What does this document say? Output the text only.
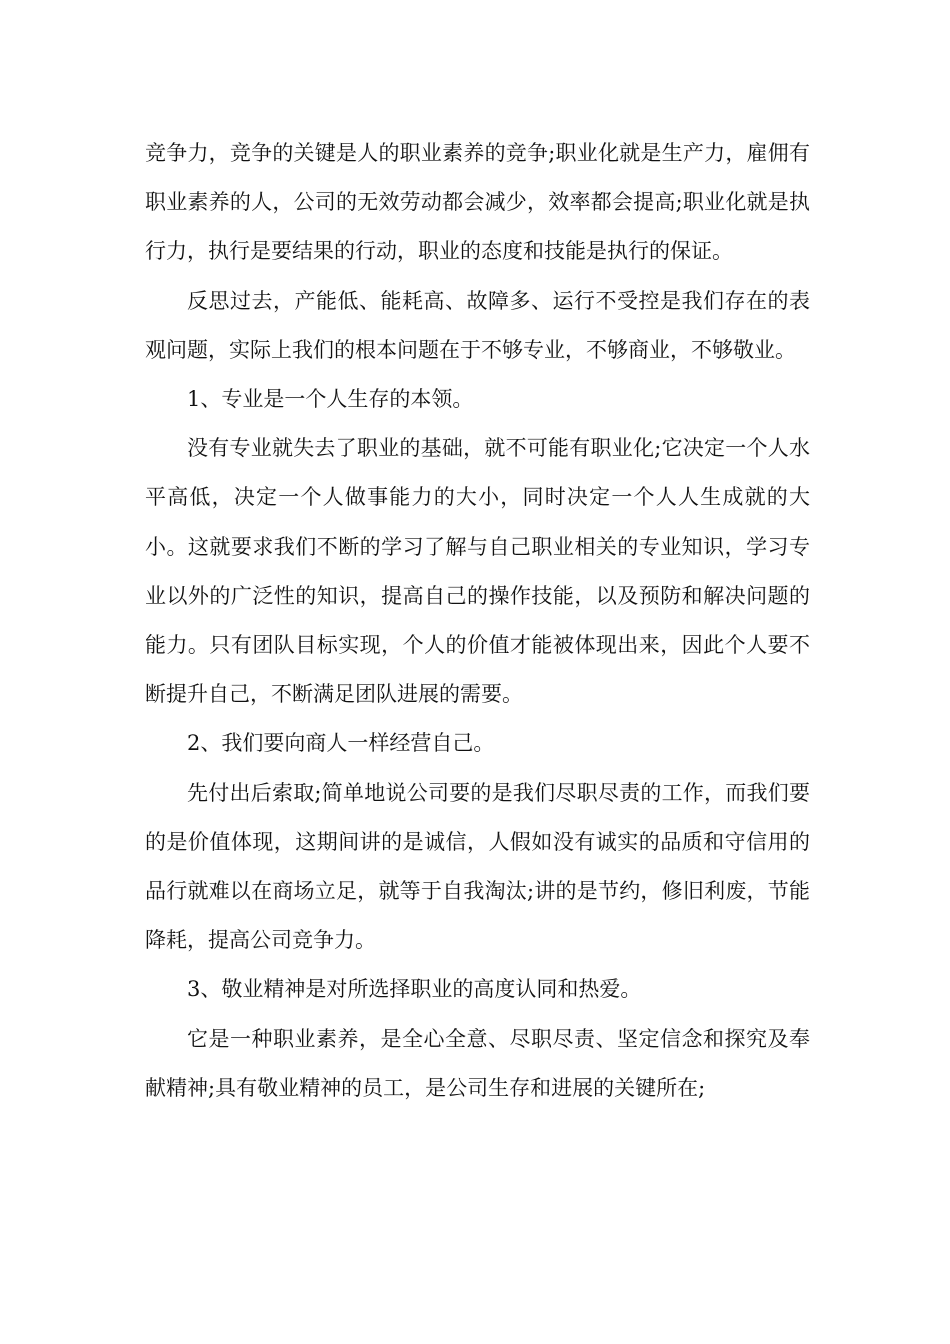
竞争力，竞争的关键是人的职业素养的竞争;职业化就是生产力，雇佣有职业素养的人，公司的无效劳动都会减少，效率都会提高;职业化就是执行力，执行是要结果的行动，职业的态度和技能是执行的保证。

反思过去，产能低、能耗高、故障多、运行不受控是我们存在的表观问题，实际上我们的根本问题在于不够专业，不够商业，不够敬业。

1、专业是一个人生存的本领。

没有专业就失去了职业的基础，就不可能有职业化;它决定一个人水平高低，决定一个人做事能力的大小，同时决定一个人人生成就的大小。这就要求我们不断的学习了解与自己职业相关的专业知识，学习专业以外的广泛性的知识，提高自己的操作技能，以及预防和解决问题的能力。只有团队目标实现，个人的价值才能被体现出来，因此个人要不断提升自己，不断满足团队进展的需要。

2、我们要向商人一样经营自己。

先付出后索取;简单地说公司要的是我们尽职尽责的工作，而我们要的是价值体现，这期间讲的是诚信，人假如没有诚实的品质和守信用的品行就难以在商场立足，就等于自我淘汰;讲的是节约，修旧利废，节能降耗，提高公司竞争力。

3、敬业精神是对所选择职业的高度认同和热爱。

它是一种职业素养，是全心全意、尽职尽责、坚定信念和探究及奉献精神;具有敬业精神的员工，是公司生存和进展的关键所在;
